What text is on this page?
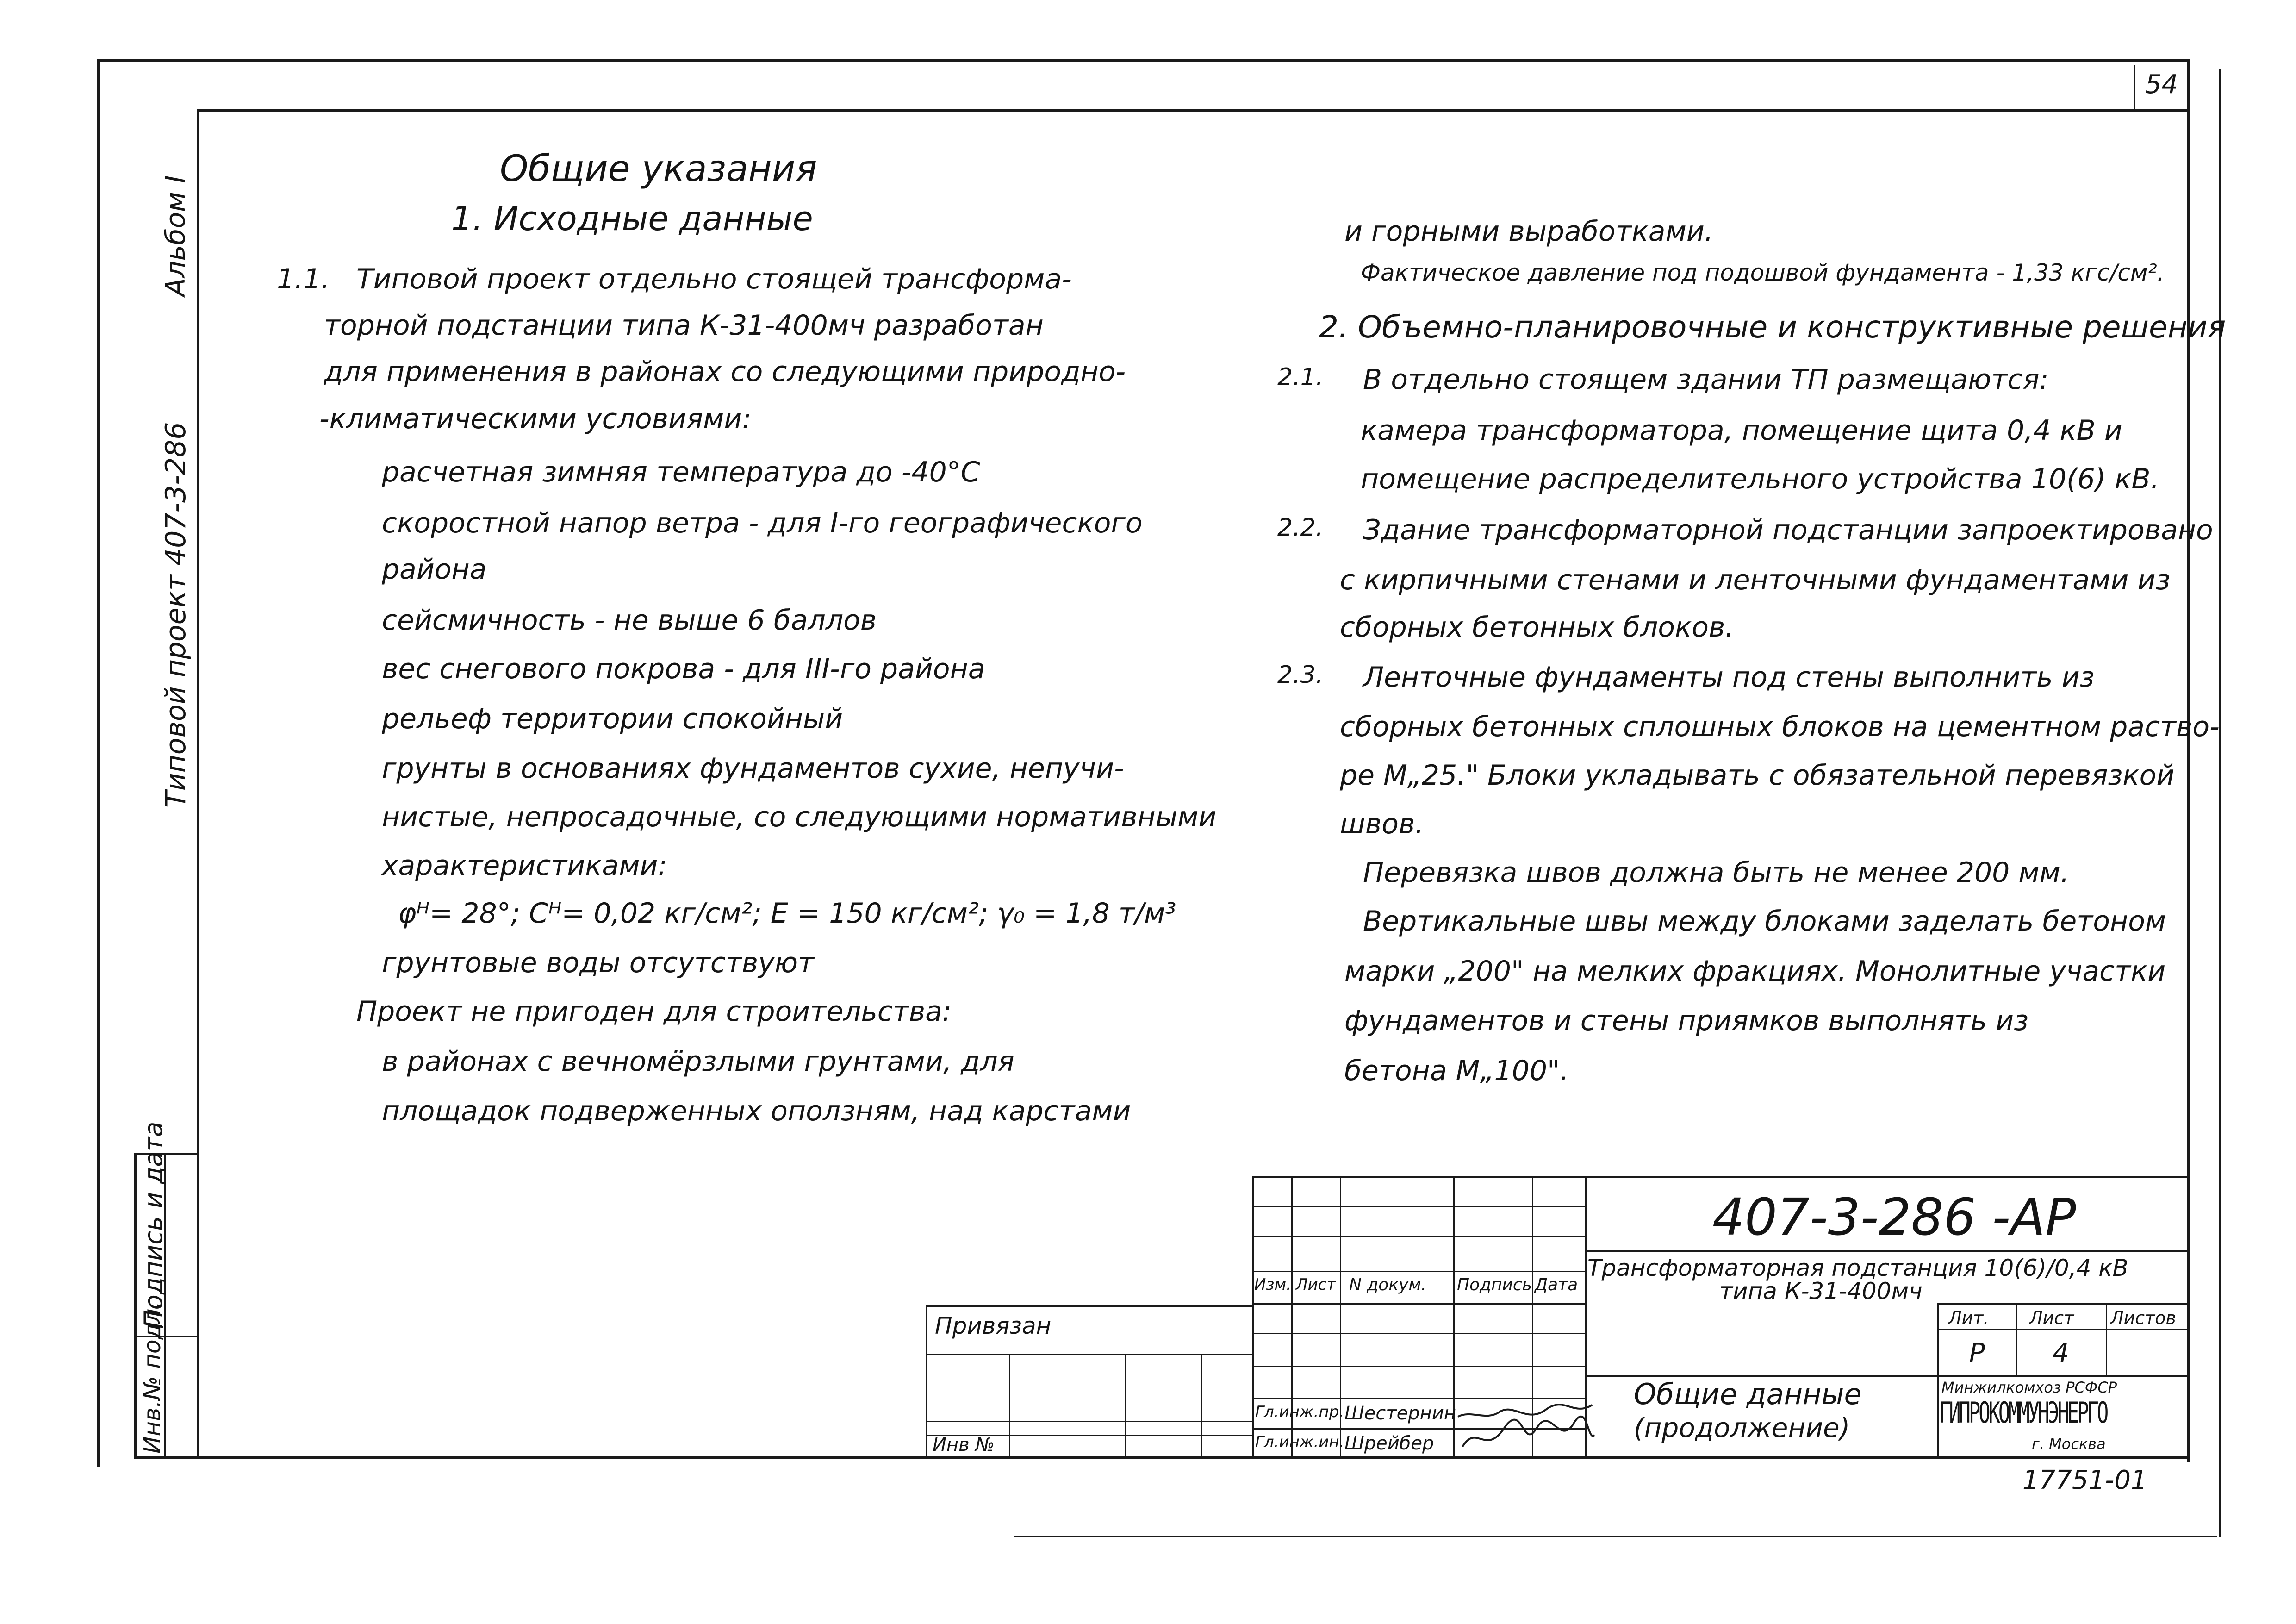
54
Альбом I
Типовой проект 407-3-286
Подпись и дата
Инв.№ подл.
Общие указания
1. Исходные данные
1.1. Типовой проект отдельно стоящей трансформа-
торной подстанции типа К-31-400мч разработан
для применения в районах со следующими природно-
-климатическими условиями:
расчетная зимняя температура до -40°С
скоростной напор ветра - для I-го географического
района
сейсмичность - не выше 6 баллов
вес снегового покрова - для III-го района
рельеф территории спокойный
грунты в основаниях фундаментов сухие, непучи-
нистые, непросадочные, со следующими нормативными
характеристиками:
φᴴ= 28°; Cᴴ= 0,02 кг/см²; Е = 150 кг/см²; γ₀ = 1,8 т/м³
грунтовые воды отсутствуют
Проект не пригоден для строительства:
в районах с вечномёрзлыми грунтами, для
площадок подверженных оползням, над карстами
и горными выработками.
Фактическое давление под подошвой фундамента - 1,33 кгс/см².
2. Объемно-планировочные и конструктивные решения
2.1. В отдельно стоящем здании ТП размещаются:
камера трансформатора, помещение щита 0,4 кВ и
помещение распределительного устройства 10(6) кВ.
2.2. Здание трансформаторной подстанции запроектировано
с кирпичными стенами и ленточными фундаментами из
сборных бетонных блоков.
2.3. Ленточные фундаменты под стены выполнить из
сборных бетонных сплошных блоков на цементном раство-
ре М„25." Блоки укладывать с обязательной перевязкой
швов.
Перевязка швов должна быть не менее 200 мм.
Вертикальные швы между блоками заделать бетоном
марки „200" на мелких фракциях. Монолитные участки
фундаментов и стены приямков выполнять из
бетона М„100".
Изм. Лист N докум. Подпись Дата
Гл.инж.пр. Шестернин
Гл.инж.ин. Шрейбер
407-3-286 -АР
Трансформаторная подстанция 10(6)/0,4 кВ
типа К-31-400мч
Лит. Лист Листов
Р	4
Общие данные
(продолжение)
Минжилкомхоз РСФСР
ГИПРОКОММУНЭНЕРГО
г. Москва
Привязан
Инв №
17751-01
